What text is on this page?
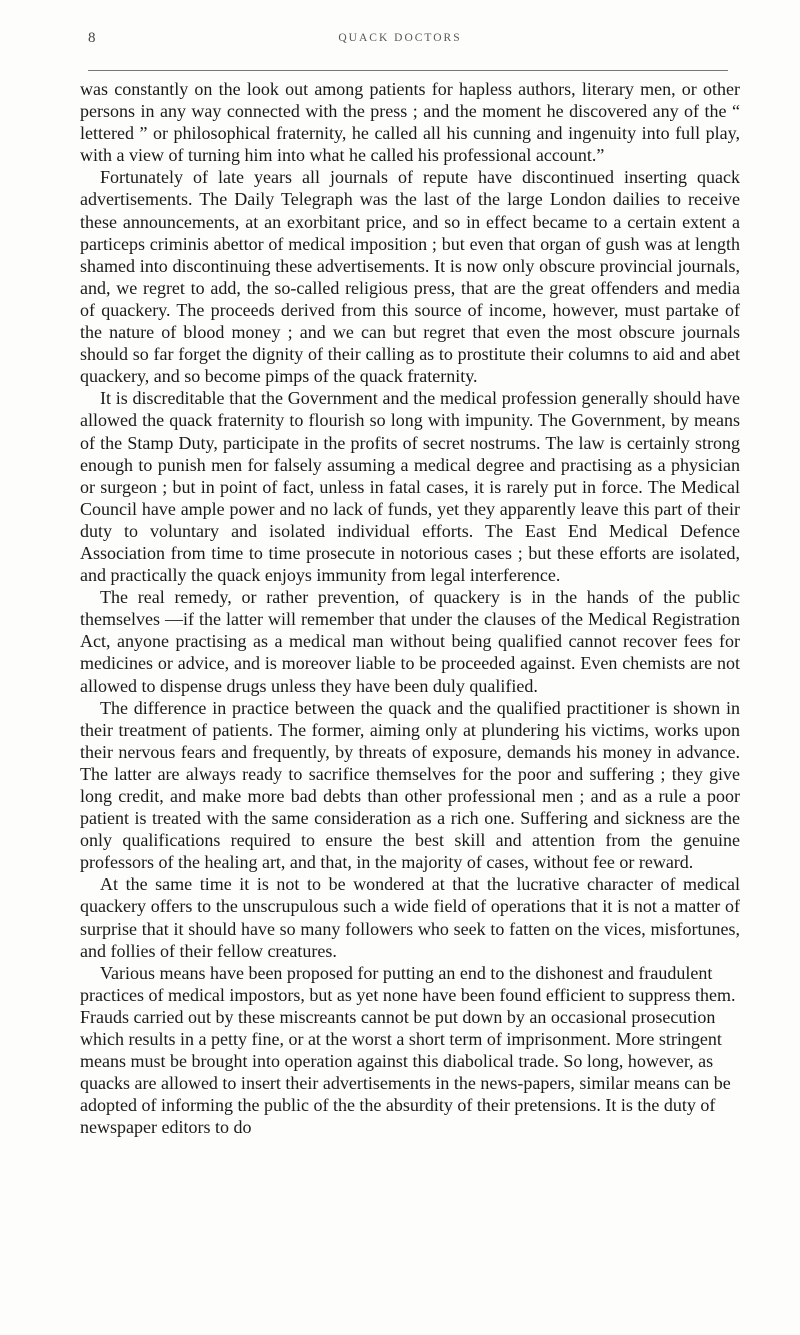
8	QUACK DOCTORS

was constantly on the look out among patients for hapless authors, literary men, or other persons in any way connected with the press ; and the moment he discovered any of the “ lettered ” or philosophical fraternity, he called all his cunning and ingenuity into full play, with a view of turning him into what he called his professional account.”

Fortunately of late years all journals of repute have discontinued inserting quack advertisements. The Daily Telegraph was the last of the large London dailies to receive these announcements, at an exorbitant price, and so in effect became to a certain extent a particeps criminis abettor of medical imposition ; but even that organ of gush was at length shamed into discontinuing these advertisements. It is now only obscure provincial journals, and, we regret to add, the so-called religious press, that are the great offenders and media of quackery. The proceeds derived from this source of income, however, must partake of the nature of blood money ; and we can but regret that even the most obscure journals should so far forget the dignity of their calling as to prostitute their columns to aid and abet quackery, and so become pimps of the quack fraternity.

It is discreditable that the Government and the medical profession generally should have allowed the quack fraternity to flourish so long with impunity. The Government, by means of the Stamp Duty, participate in the profits of secret nostrums. The law is certainly strong enough to punish men for falsely assuming a medical degree and practising as a physician or surgeon ; but in point of fact, unless in fatal cases, it is rarely put in force. The Medical Council have ample power and no lack of funds, yet they apparently leave this part of their duty to voluntary and isolated individual efforts. The East End Medical Defence Association from time to time prosecute in notorious cases ; but these efforts are isolated, and practically the quack enjoys immunity from legal interference.

The real remedy, or rather prevention, of quackery is in the hands of the public themselves —if the latter will remember that under the clauses of the Medical Registration Act, anyone practising as a medical man without being qualified cannot recover fees for medicines or advice, and is moreover liable to be proceeded against. Even chemists are not allowed to dispense drugs unless they have been duly qualified.

The difference in practice between the quack and the qualified practitioner is shown in their treatment of patients. The former, aiming only at plundering his victims, works upon their nervous fears and frequently, by threats of exposure, demands his money in advance. The latter are always ready to sacrifice themselves for the poor and suffering ; they give long credit, and make more bad debts than other professional men ; and as a rule a poor patient is treated with the same consideration as a rich one. Suffering and sickness are the only qualifications required to ensure the best skill and attention from the genuine professors of the healing art, and that, in the majority of cases, without fee or reward.

At the same time it is not to be wondered at that the lucrative character of medical quackery offers to the unscrupulous such a wide field of operations that it is not a matter of surprise that it should have so many followers who seek to fatten on the vices, misfortunes, and follies of their fellow creatures.

Various means have been proposed for putting an end to the dishonest and fraudulent practices of medical impostors, but as yet none have been found efficient to suppress them. Frauds carried out by these miscreants cannot be put down by an occasional prosecution which results in a petty fine, or at the worst a short term of imprisonment. More stringent means must be brought into operation against this diabolical trade. So long, however, as quacks are allowed to insert their advertisements in the news-papers, similar means can be adopted of informing the public of the the absurdity of their pretensions. It is the duty of newspaper editors to do
